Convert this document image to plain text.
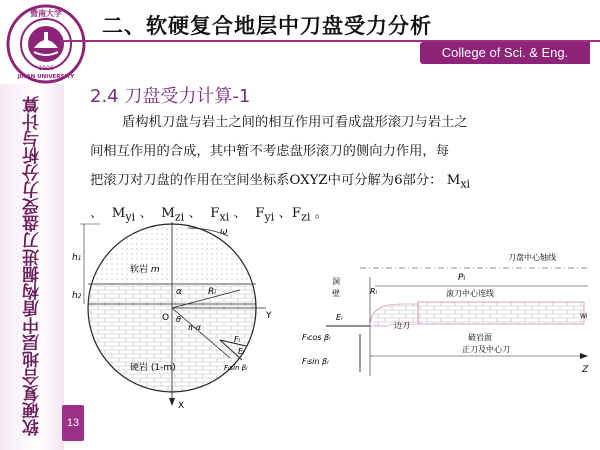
暨南大学
JINAN UNIVERSITY
1906
二、软硬复合地层中刀盘受力分析
College of Sci. & Eng.
软硬复合地层中盾构掘进刀盘受力分析与计算	13
2.4 刀盘受力计算-1

盾构机刀盘与岩土之间的相互作用可看成盘形滚刀与岩土之

间相互作用的合成，其中暂不考虑盘形滚刀的侧向力作用，每

把滚刀对刀盘的作用在空间坐标系OXYZ中可分解为6部分： $M_{xi}$

、 $M_{yi}$ 、 $M_{zi}$ 、 $F_{xi}$ 、 $F_{yi}$ 、$F_{zi}$ 。

h1
h2
软岩 m
硬岩 (1-m)
ω
Y
X
O
Ri
α
θ
π-α
Fi
Ei
Fisin βi
刀盘中心轴线
洞
壁
Pi
Ri	滚刀中心连线
边刀
破岩面
正刀及中心刀
Z
Wi
Ficos βi
Fisin βi
Ei
